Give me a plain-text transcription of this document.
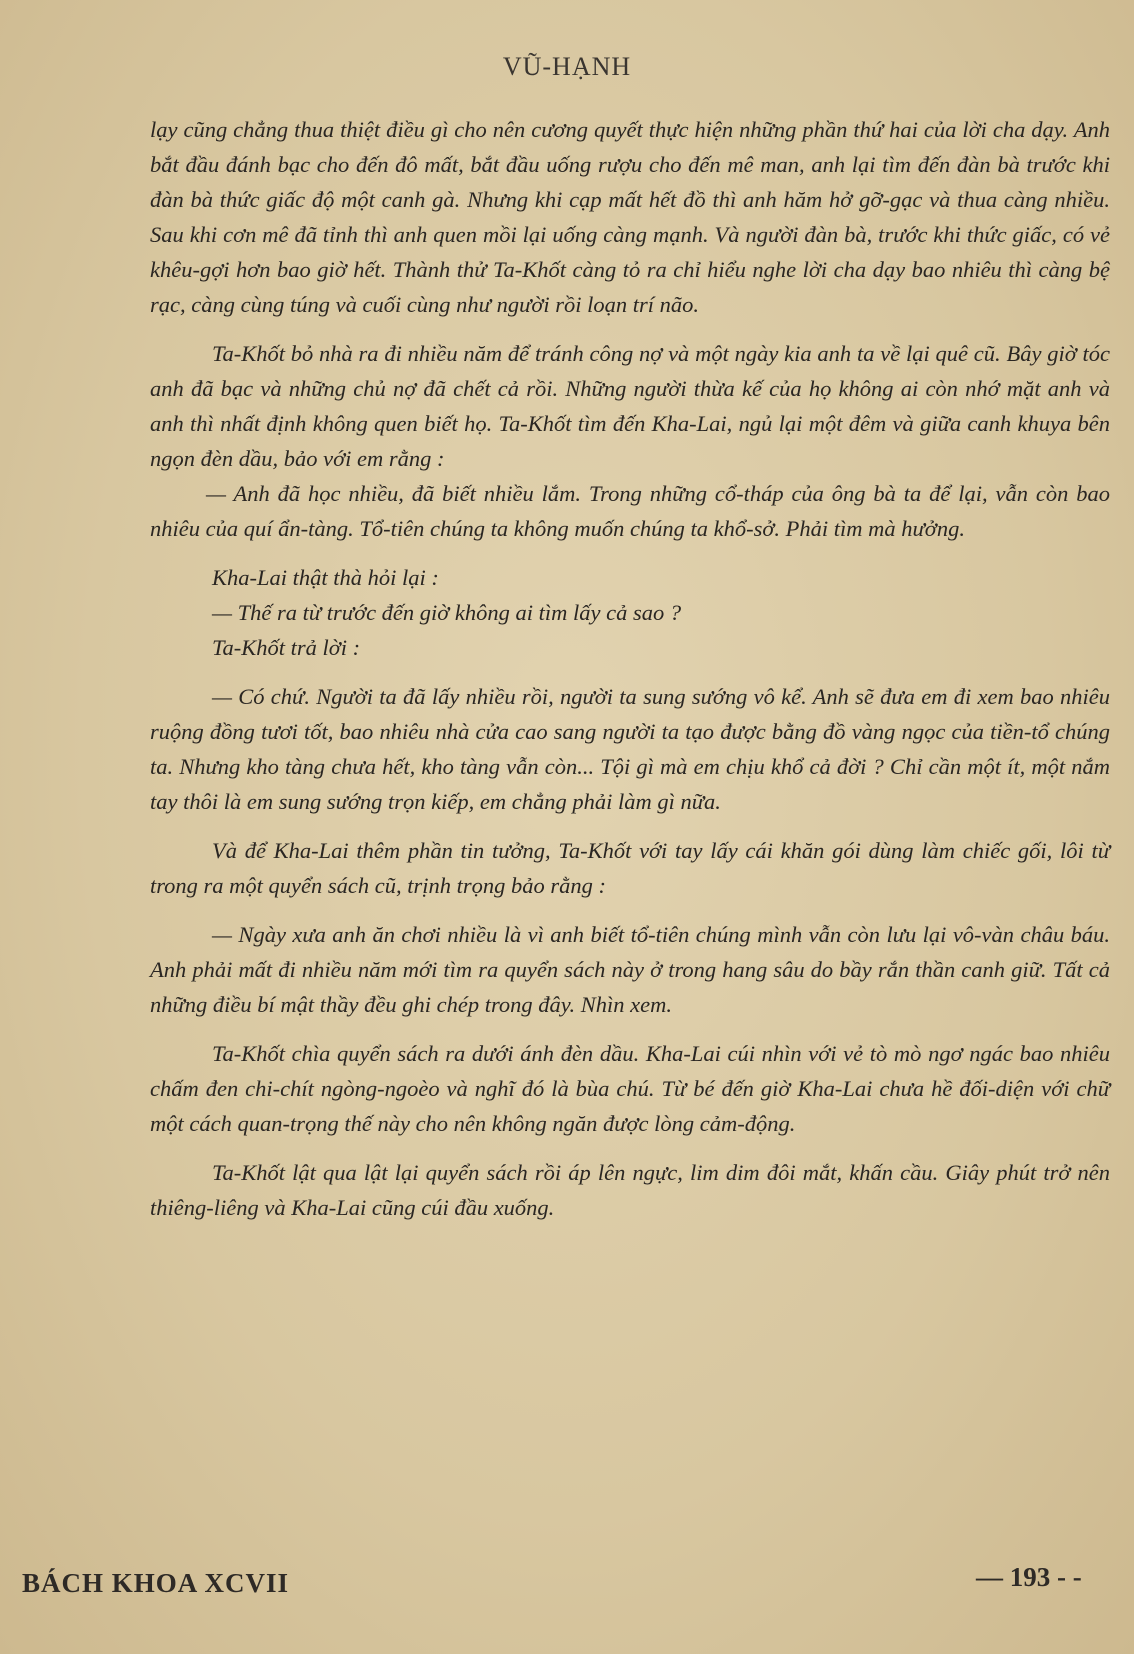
VŨ-HẠNH

lạy cũng chẳng thua thiệt điều gì cho nên cương quyết thực hiện những phần thứ hai của lời cha dạy. Anh bắt đầu đánh bạc cho đến đô mất, bắt đầu uống rượu cho đến mê man, anh lại tìm đến đàn bà trước khi đàn bà thức giấc độ một canh gà. Nhưng khi cạp mất hết đồ thì anh hăm hở gỡ-gạc và thua càng nhiều. Sau khi cơn mê đã tỉnh thì anh quen mồi lại uống càng mạnh. Và người đàn bà, trước khi thức giấc, có vẻ khêu-gợi hơn bao giờ hết. Thành thử Ta-Khốt càng tỏ ra chỉ hiểu nghe lời cha dạy bao nhiêu thì càng bệ rạc, càng cùng túng và cuối cùng như người rồi loạn trí não.

Ta-Khốt bỏ nhà ra đi nhiều năm để tránh công nợ và một ngày kia anh ta về lại quê cũ. Bây giờ tóc anh đã bạc và những chủ nợ đã chết cả rồi. Những người thừa kế của họ không ai còn nhớ mặt anh và anh thì nhất định không quen biết họ. Ta-Khốt tìm đến Kha-Lai, ngủ lại một đêm và giữa canh khuya bên ngọn đèn dầu, bảo với em rằng :

— Anh đã học nhiều, đã biết nhiều lắm. Trong những cổ-tháp của ông bà ta để lại, vẫn còn bao nhiêu của quí ẩn-tàng. Tổ-tiên chúng ta không muốn chúng ta khổ-sở. Phải tìm mà hưởng.

Kha-Lai thật thà hỏi lại :

— Thế ra từ trước đến giờ không ai tìm lấy cả sao ?

Ta-Khốt trả lời :

— Có chứ. Người ta đã lấy nhiều rồi, người ta sung sướng vô kể. Anh sẽ đưa em đi xem bao nhiêu ruộng đồng tươi tốt, bao nhiêu nhà cửa cao sang người ta tạo được bằng đồ vàng ngọc của tiền-tổ chúng ta. Nhưng kho tàng chưa hết, kho tàng vẫn còn... Tội gì mà em chịu khổ cả đời ? Chỉ cần một ít, một nắm tay thôi là em sung sướng trọn kiếp, em chẳng phải làm gì nữa.

Và để Kha-Lai thêm phần tin tưởng, Ta-Khốt với tay lấy cái khăn gói dùng làm chiếc gối, lôi từ trong ra một quyển sách cũ, trịnh trọng bảo rằng :

— Ngày xưa anh ăn chơi nhiều là vì anh biết tổ-tiên chúng mình vẫn còn lưu lại vô-vàn châu báu. Anh phải mất đi nhiều năm mới tìm ra quyển sách này ở trong hang sâu do bầy rắn thần canh giữ. Tất cả những điều bí mật thầy đều ghi chép trong đây. Nhìn xem.

Ta-Khốt chìa quyển sách ra dưới ánh đèn dầu. Kha-Lai cúi nhìn với vẻ tò mò ngơ ngác bao nhiêu chấm đen chi-chít ngòng-ngoèo và nghĩ đó là bùa chú. Từ bé đến giờ Kha-Lai chưa hề đối-diện với chữ một cách quan-trọng thế này cho nên không ngăn được lòng cảm-động.

Ta-Khốt lật qua lật lại quyển sách rồi áp lên ngực, lim dim đôi mắt, khấn cầu. Giây phút trở nên thiêng-liêng và Kha-Lai cũng cúi đầu xuống.

BÁCH KHOA XCVII	— 193 - -
